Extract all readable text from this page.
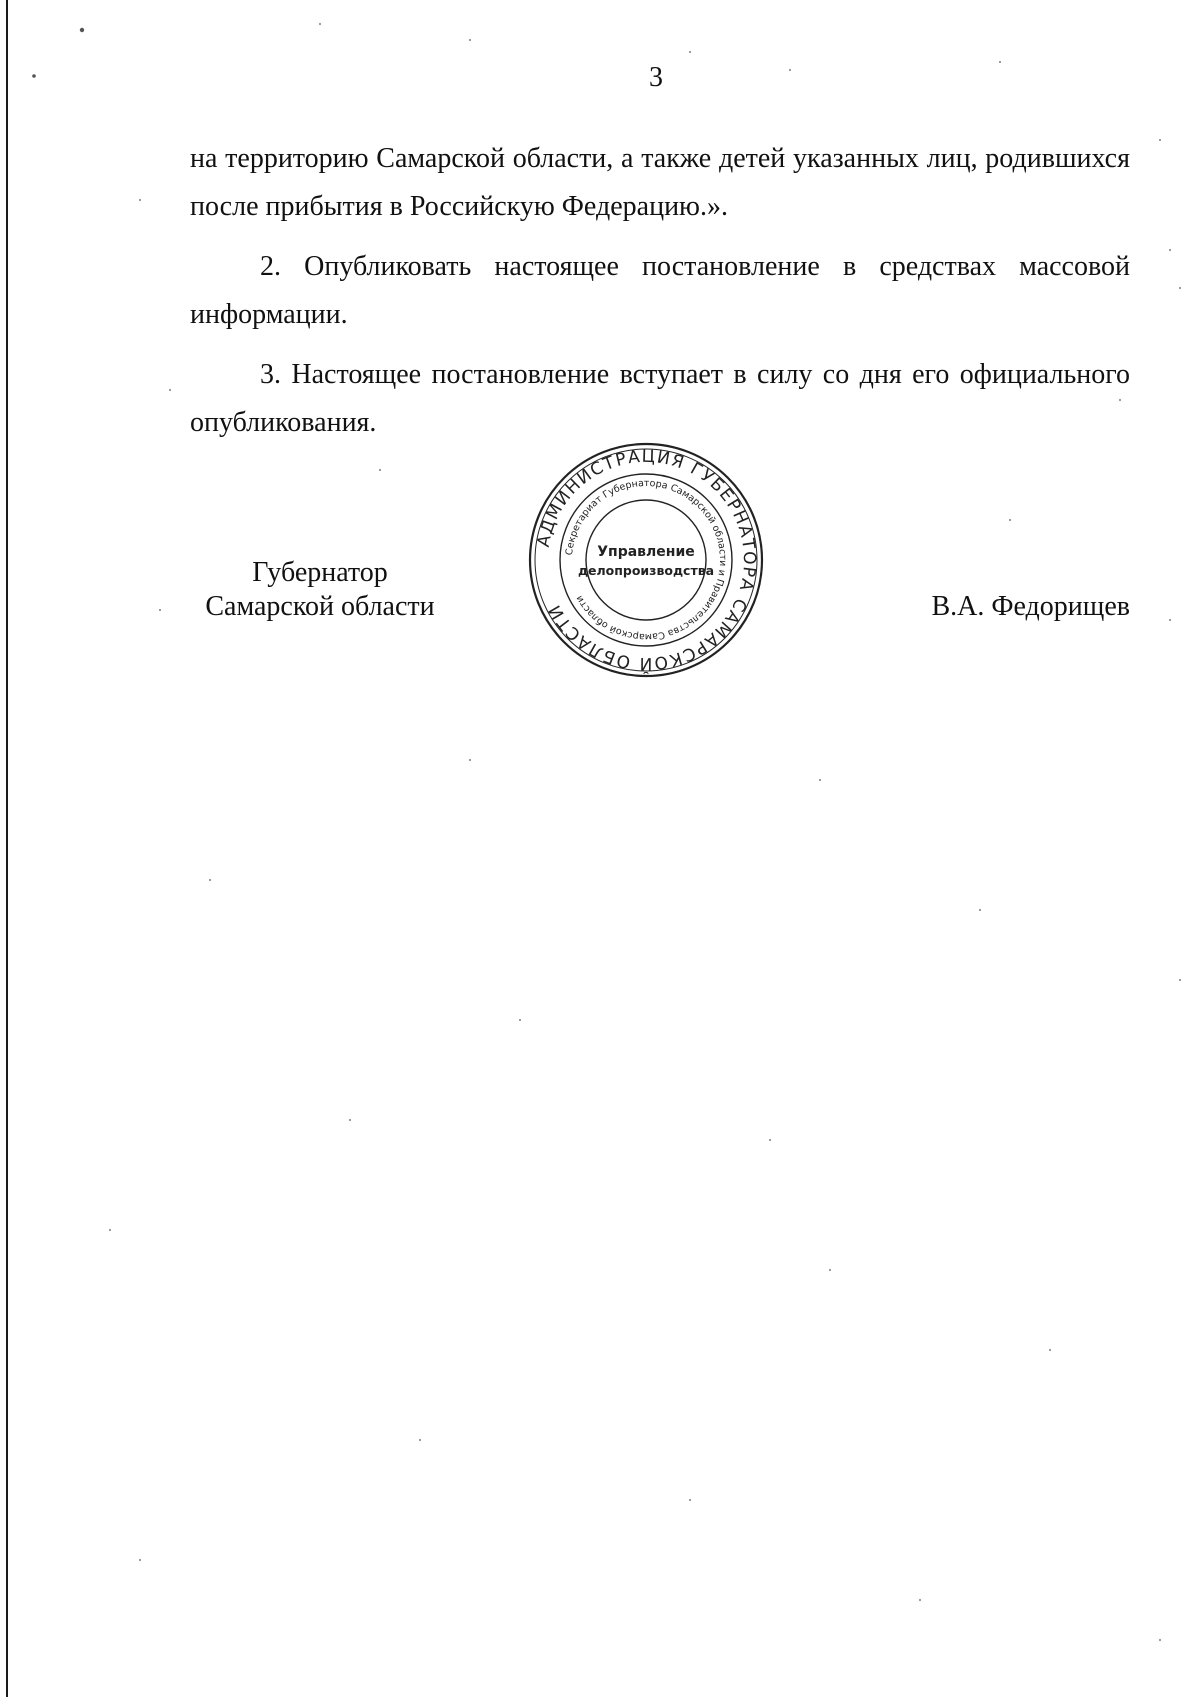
3

на территорию Самарской области, а также детей указанных лиц, родившихся после прибытия в Российскую Федерацию.».

2. Опубликовать настоящее постановление в средствах массовой информации.

3. Настоящее постановление вступает в силу со дня его официального опубликования.

Губернатор
Самарской области
АДМИНИСТРАЦИЯ ГУБЕРНАТОРА САМАРСКОЙ ОБЛАСТИ
Секретариат Губернатора Самарской области и Правительства Самарской области
Управление
делопроизводства
В.А. Федорищев
